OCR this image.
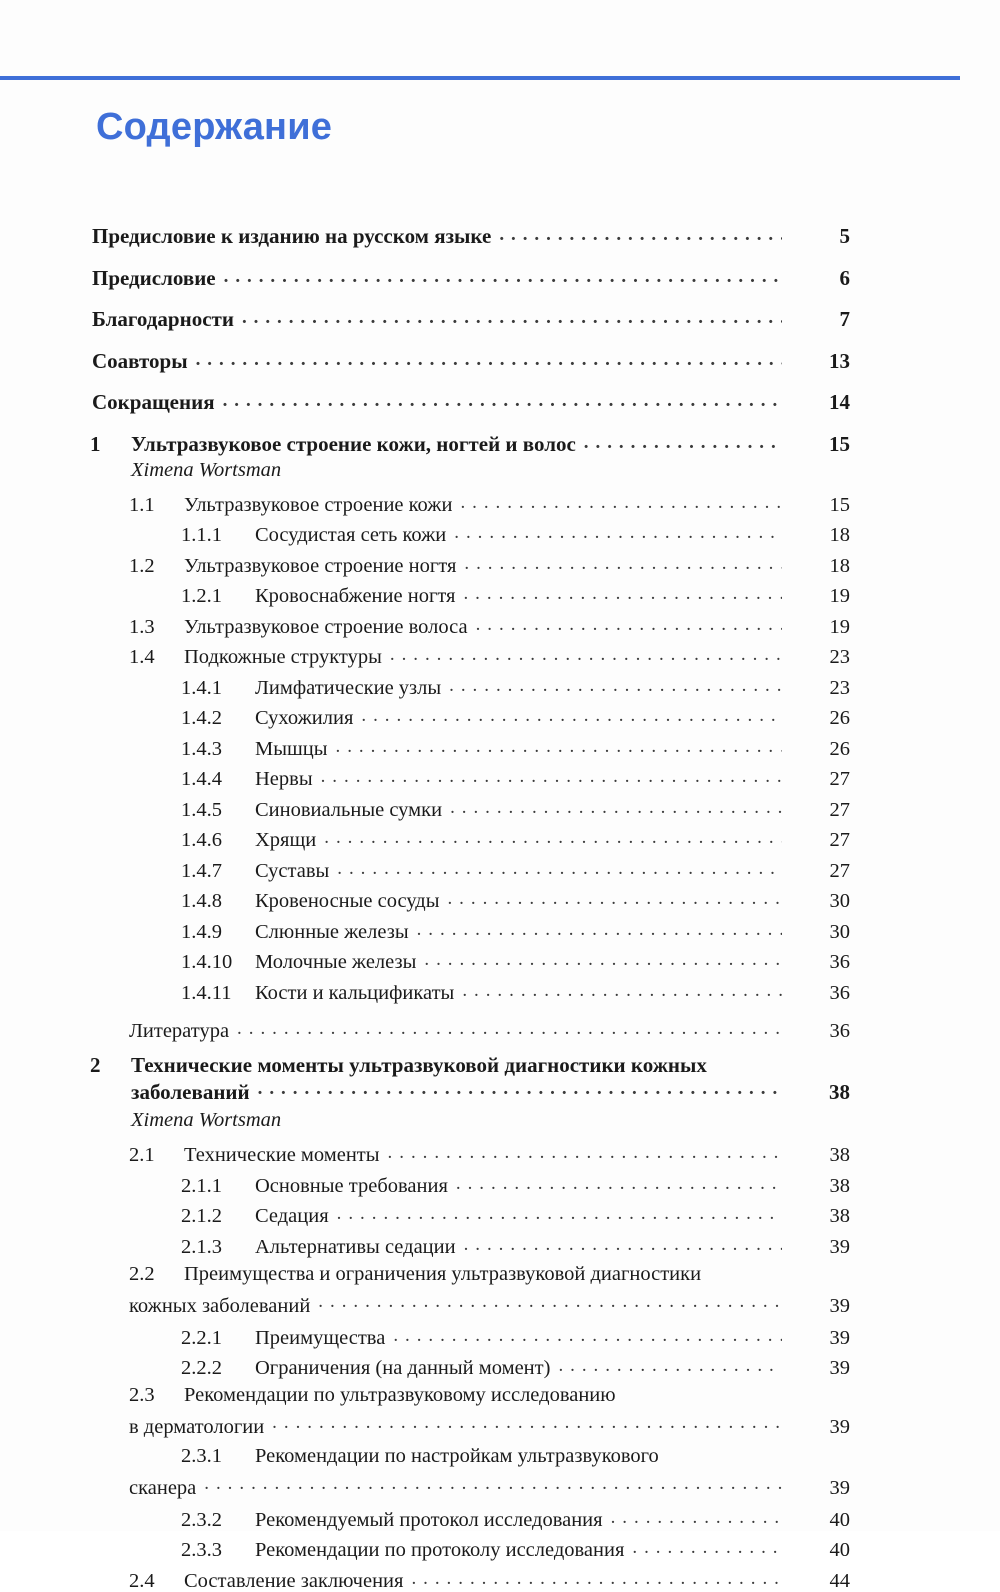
Содержание
Предисловие к изданию на русском языке . . .	5
Предисловие . . .	6
Благодарности . . .	7
Соавторы . . .	13
Сокращения . . .	14
1	Ультразвуковое строение кожи, ногтей и волос . . .	15
Ximena Wortsman
1.1	Ультразвуковое строение кожи . . .	15
1.1.1	Сосудистая сеть кожи . . .	18
1.2	Ультразвуковое строение ногтя . . .	18
1.2.1	Кровоснабжение ногтя . . .	19
1.3	Ультразвуковое строение волоса . . .	19
1.4	Подкожные структуры . . .	23
1.4.1	Лимфатические узлы . . .	23
1.4.2	Сухожилия . . .	26
1.4.3	Мышцы . . .	26
1.4.4	Нервы . . .	27
1.4.5	Синовиальные сумки . . .	27
1.4.6	Хрящи . . .	27
1.4.7	Суставы . . .	27
1.4.8	Кровеносные сосуды . . .	30
1.4.9	Слюнные железы . . .	30
1.4.10	Молочные железы . . .	36
1.4.11	Кости и кальцификаты . . .	36
Литература . . .	36
2	Технические моменты ультразвуковой диагностики кожных
заболеваний . . .	38
Ximena Wortsman
2.1	Технические моменты . . .	38
2.1.1	Основные требования . . .	38
2.1.2	Седация . . .	38
2.1.3	Альтернативы седации . . .	39
2.2	Преимущества и ограничения ультразвуковой диагностики
кожных заболеваний . . .	39
2.2.1	Преимущества . . .	39
2.2.2	Ограничения (на данный момент) . . .	39
2.3	Рекомендации по ультразвуковому исследованию
в дерматологии . . .	39
2.3.1	Рекомендации по настройкам ультразвукового
сканера . . .	39
2.3.2	Рекомендуемый протокол исследования . . .	40
2.3.3	Рекомендации по протоколу исследования . . .	40
2.4	Составление заключения . . .	44
